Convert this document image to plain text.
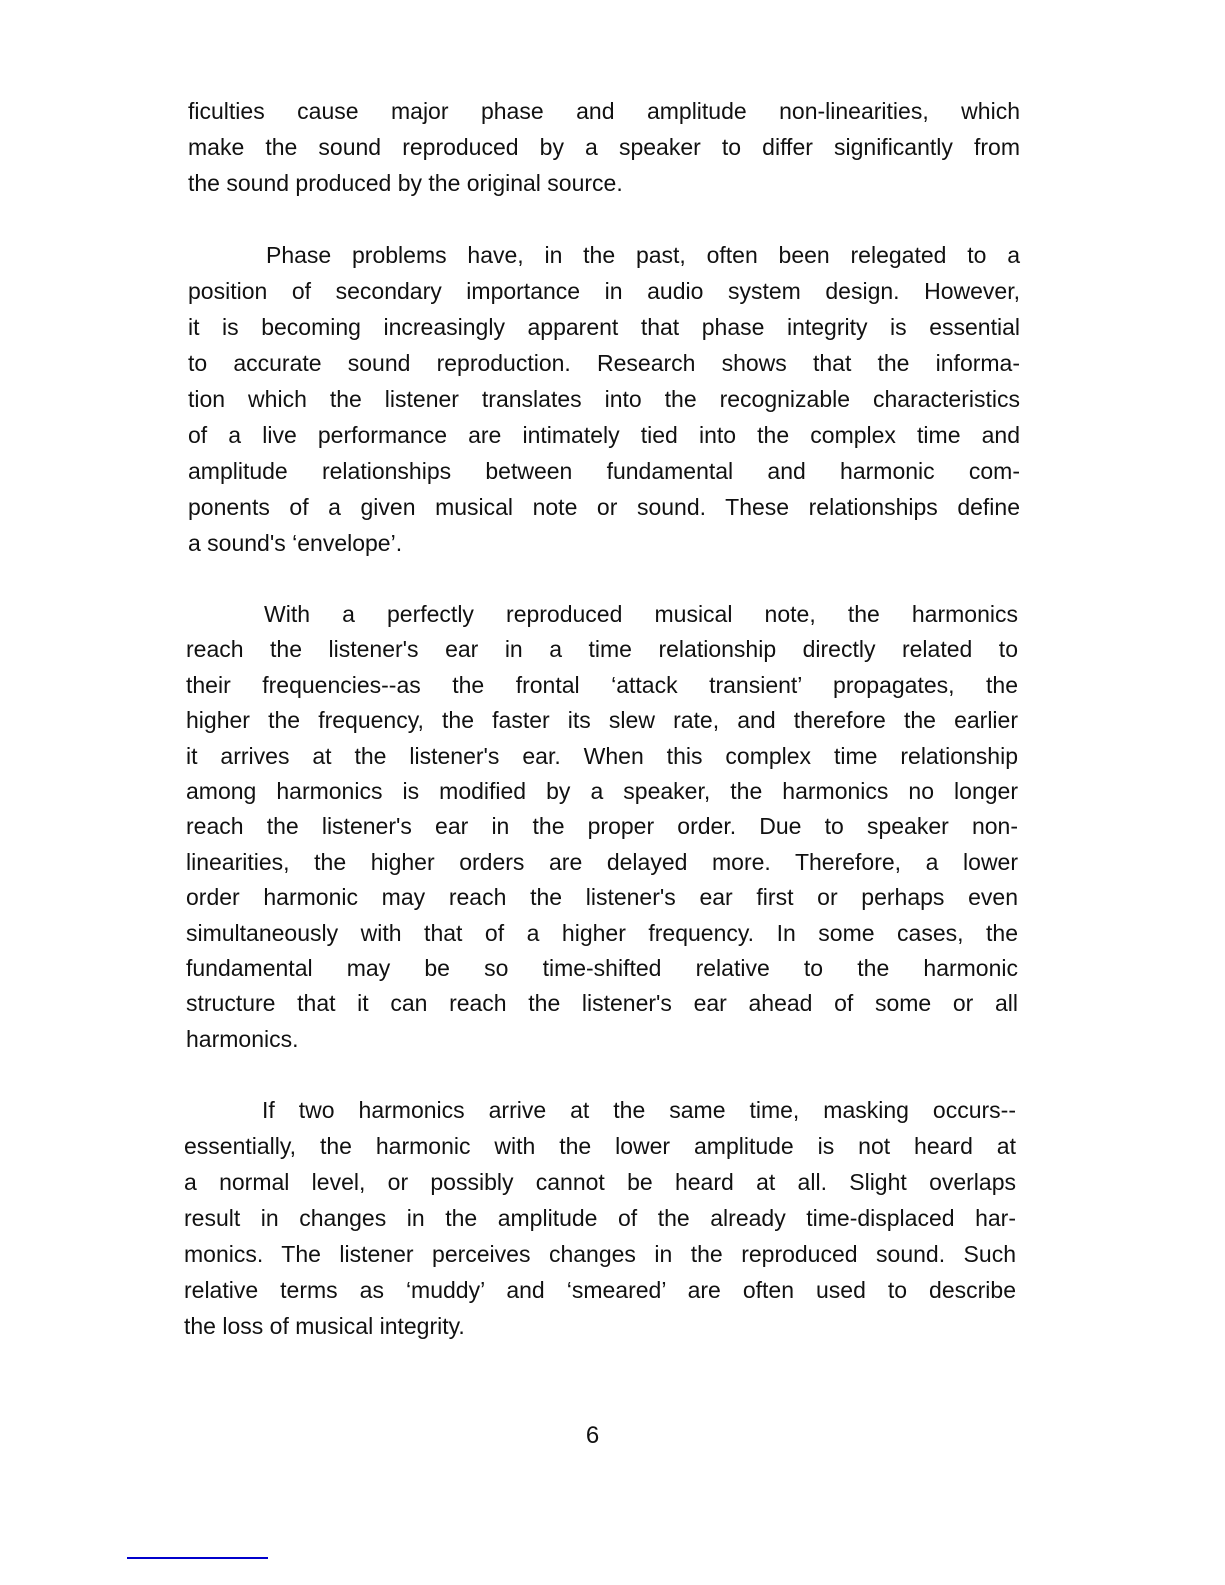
ficulties cause major phase and amplitude non-linearities, which
make the sound reproduced by a speaker to differ significantly from
the sound produced by the original source.
Phase problems have, in the past, often been relegated to a
position of secondary importance in audio system design. However,
it is becoming increasingly apparent that phase integrity is essential
to accurate sound reproduction. Research shows that the informa-
tion which the listener translates into the recognizable characteristics
of a live performance are intimately tied into the complex time and
amplitude relationships between fundamental and harmonic com-
ponents of a given musical note or sound. These relationships define
a sound's ‘envelope’.
With a perfectly reproduced musical note, the harmonics
reach the listener's ear in a time relationship directly related to
their frequencies--as the frontal ‘attack transient’ propagates, the
higher the frequency, the faster its slew rate, and therefore the earlier
it arrives at the listener's ear. When this complex time relationship
among harmonics is modified by a speaker, the harmonics no longer
reach the listener's ear in the proper order. Due to speaker non-
linearities, the higher orders are delayed more. Therefore, a lower
order harmonic may reach the listener's ear first or perhaps even
simultaneously with that of a higher frequency. In some cases, the
fundamental may be so time-shifted relative to the harmonic
structure that it can reach the listener's ear ahead of some or all
harmonics.
If two harmonics arrive at the same time, masking occurs--
essentially, the harmonic with the lower amplitude is not heard at
a normal level, or possibly cannot be heard at all. Slight overlaps
result in changes in the amplitude of the already time-displaced har-
monics. The listener perceives changes in the reproduced sound. Such
relative terms as ‘muddy’ and ‘smeared’ are often used to describe
the loss of musical integrity.
6
